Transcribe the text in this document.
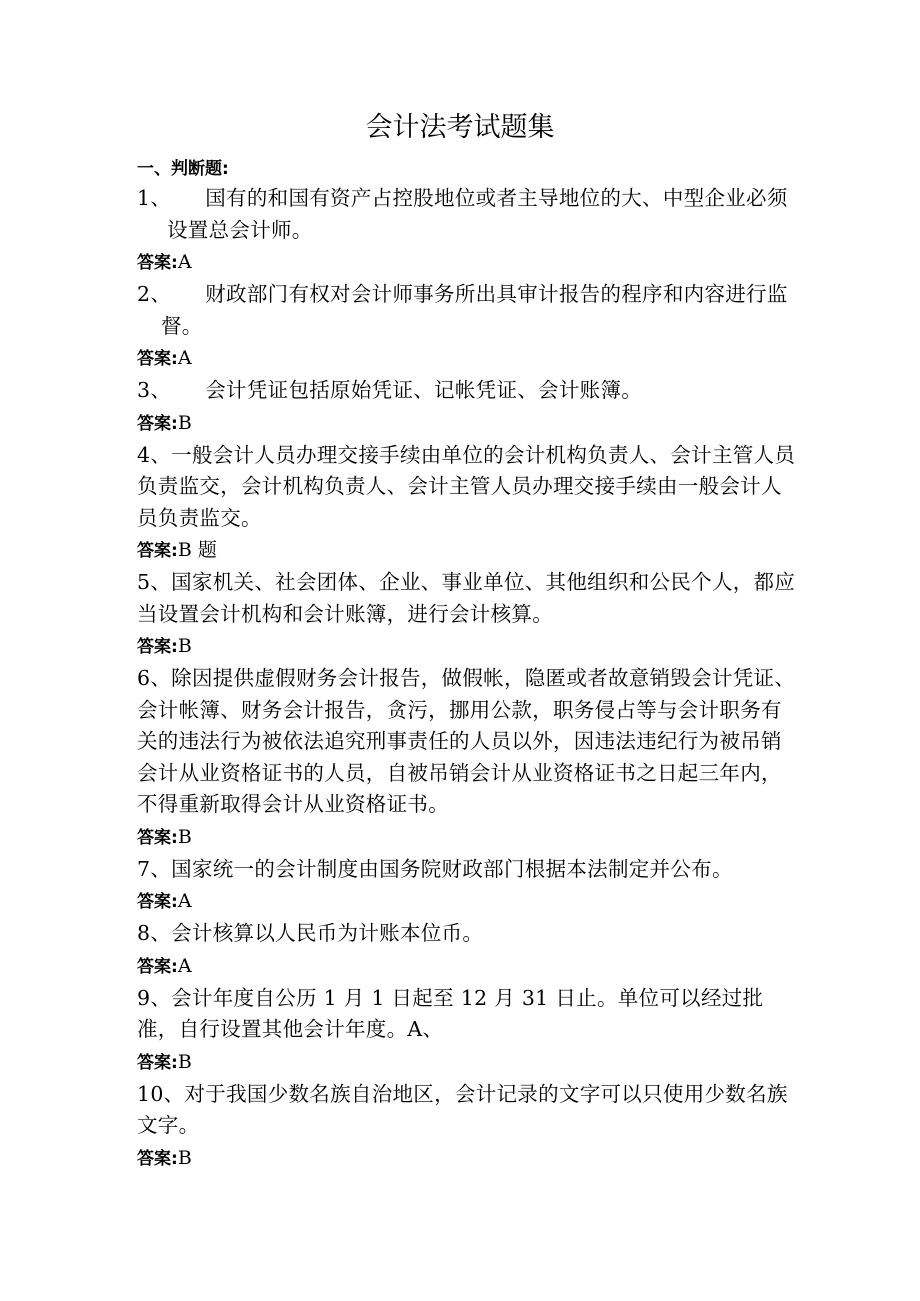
会计法考试题集
一、判断题:

1、 国有的和国有资产占控股地位或者主导地位的大、中型企业必须设置总会计师。

答案:A

2、 财政部门有权对会计师事务所出具审计报告的程序和内容进行监督。

答案:A

3、 会计凭证包括原始凭证、记帐凭证、会计账簿。

答案:B

4、一般会计人员办理交接手续由单位的会计机构负责人、会计主管人员负责监交，会计机构负责人、会计主管人员办理交接手续由一般会计人员负责监交。

答案:B 题

5、国家机关、社会团体、企业、事业单位、其他组织和公民个人，都应当设置会计机构和会计账簿，进行会计核算。

答案:B

6、除因提供虚假财务会计报告，做假帐，隐匿或者故意销毁会计凭证、会计帐簿、财务会计报告，贪污，挪用公款，职务侵占等与会计职务有关的违法行为被依法追究刑事责任的人员以外，因违法违纪行为被吊销会计从业资格证书的人员，自被吊销会计从业资格证书之日起三年内，不得重新取得会计从业资格证书。

答案:B

7、国家统一的会计制度由国务院财政部门根据本法制定并公布。

答案:A

8、会计核算以人民币为计账本位币。

答案:A

9、会计年度自公历 1 月 1 日起至 12 月 31 日止。单位可以经过批准，自行设置其他会计年度。A、

答案:B

10、对于我国少数名族自治地区，会计记录的文字可以只使用少数名族文字。

答案:B
